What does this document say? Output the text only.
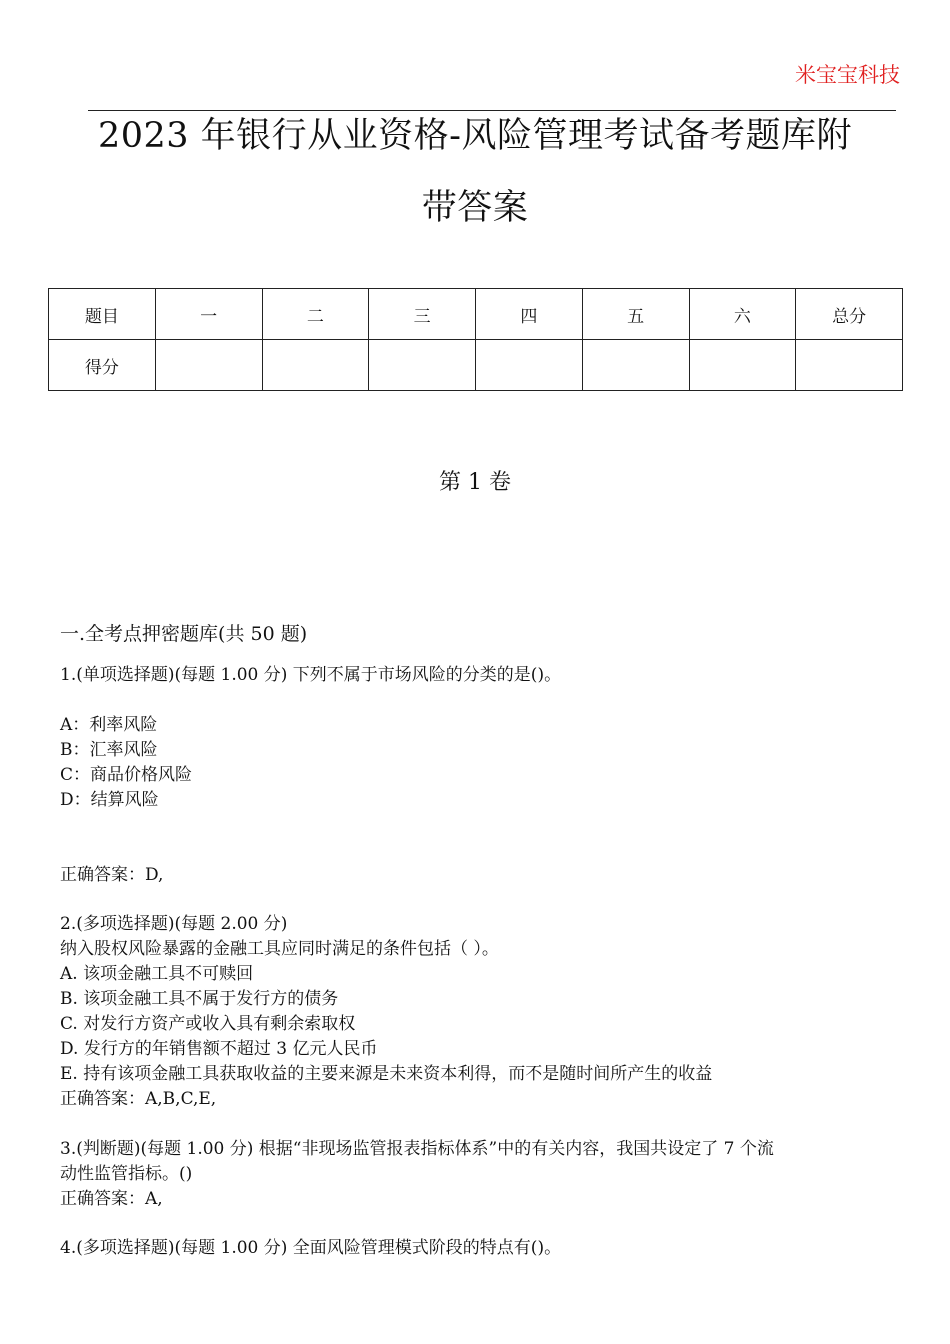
米宝宝科技
2023 年银行从业资格-风险管理考试备考题库附
带答案
题目	一	二	三	四	五	六	总分
得分							
第 1 卷
一.全考点押密题库(共 50 题)
1.(单项选择题)(每题 1.00 分) 下列不属于市场风险的分类的是()。
A：利率风险
B：汇率风险
C：商品价格风险
D：结算风险
正确答案：D,
2.(多项选择题)(每题 2.00 分)
纳入股权风险暴露的金融工具应同时满足的条件包括（ ）。
A. 该项金融工具不可赎回
B. 该项金融工具不属于发行方的债务
C. 对发行方资产或收入具有剩余索取权
D. 发行方的年销售额不超过 3 亿元人民币
E. 持有该项金融工具获取收益的主要来源是未来资本利得，而不是随时间所产生的收益
正确答案：A,B,C,E,
3.(判断题)(每题 1.00 分) 根据“非现场监管报表指标体系”中的有关内容，我国共设定了 7 个流
动性监管指标。()
正确答案：A,
4.(多项选择题)(每题 1.00 分) 全面风险管理模式阶段的特点有()。
